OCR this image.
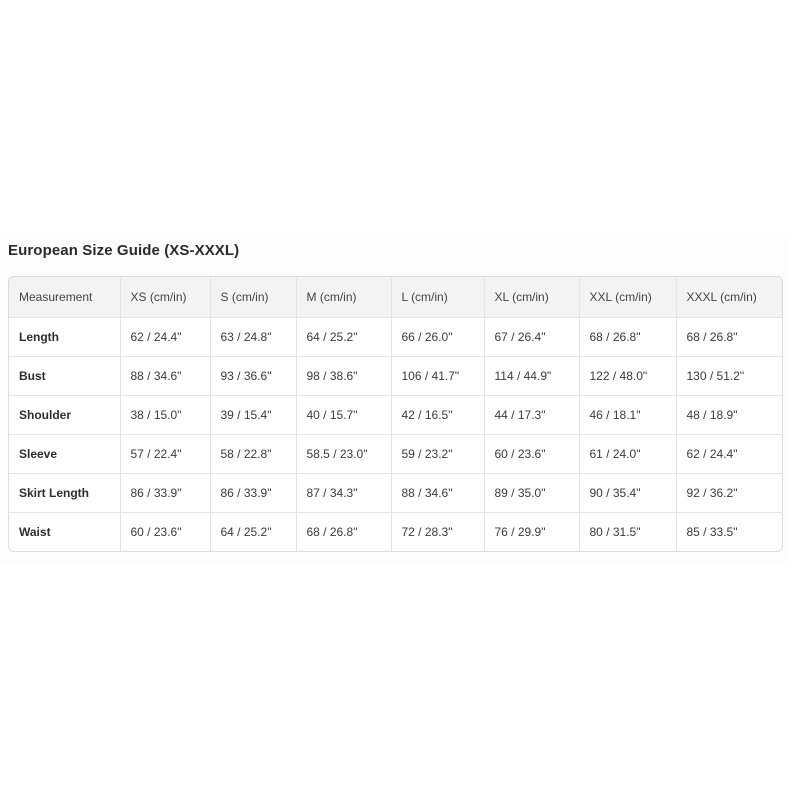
European Size Guide (XS-XXXL)
Measurement	XS (cm/in)	S (cm/in)	M (cm/in)	L (cm/in)	XL (cm/in)	XXL (cm/in)	XXXL (cm/in)
Length	62 / 24.4"	63 / 24.8"	64 / 25.2"	66 / 26.0"	67 / 26.4"	68 / 26.8"	68 / 26.8"
Bust	88 / 34.6"	93 / 36.6"	98 / 38.6"	106 / 41.7"	114 / 44.9"	122 / 48.0"	130 / 51.2"
Shoulder	38 / 15.0"	39 / 15.4"	40 / 15.7"	42 / 16.5"	44 / 17.3"	46 / 18.1"	48 / 18.9"
Sleeve	57 / 22.4"	58 / 22.8"	58.5 / 23.0"	59 / 23.2"	60 / 23.6"	61 / 24.0"	62 / 24.4"
Skirt Length	86 / 33.9"	86 / 33.9"	87 / 34.3"	88 / 34.6"	89 / 35.0"	90 / 35.4"	92 / 36.2"
Waist	60 / 23.6"	64 / 25.2"	68 / 26.8"	72 / 28.3"	76 / 29.9"	80 / 31.5"	85 / 33.5"
